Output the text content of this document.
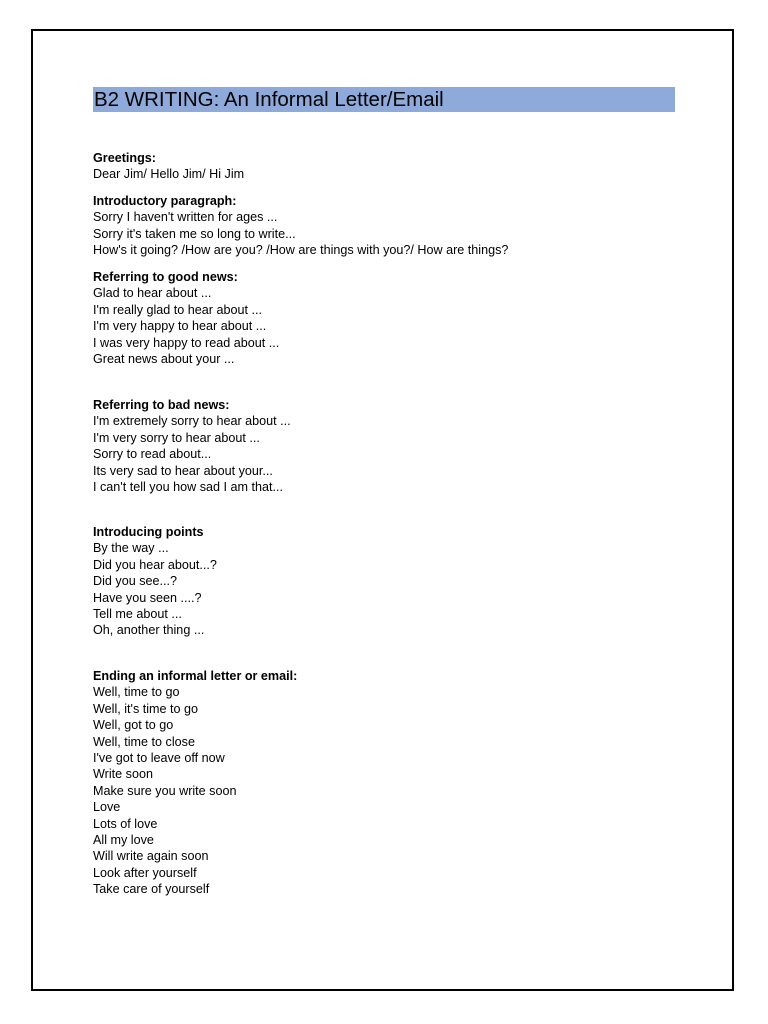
B2 WRITING: An Informal Letter/Email
Greetings:
Dear Jim/ Hello Jim/ Hi Jim
Introductory paragraph:
Sorry I haven't written for ages ...
Sorry it's taken me so long to write...
How's it going? /How are you? /How are things with you?/ How are things?
Referring to good news:
Glad to hear about ...
I'm really glad to hear about ...
I'm very happy to hear about ...
I was very happy to read about ...
Great news about your ...
Referring to bad news:
I'm extremely sorry to hear about ...
I'm very sorry to hear about ...
Sorry to read about...
Its very sad to hear about your...
I can't tell you how sad I am that...
Introducing points
By the way ...
Did you hear about...?
Did you see...?
Have you seen ....?
Tell me about ...
Oh, another thing ...
Ending an informal letter or email:
Well, time to go
Well, it's time to go
Well, got to go
Well, time to close
I've got to leave off now
Write soon
Make sure you write soon
Love
Lots of love
All my love
Will write again soon
Look after yourself
Take care of yourself
